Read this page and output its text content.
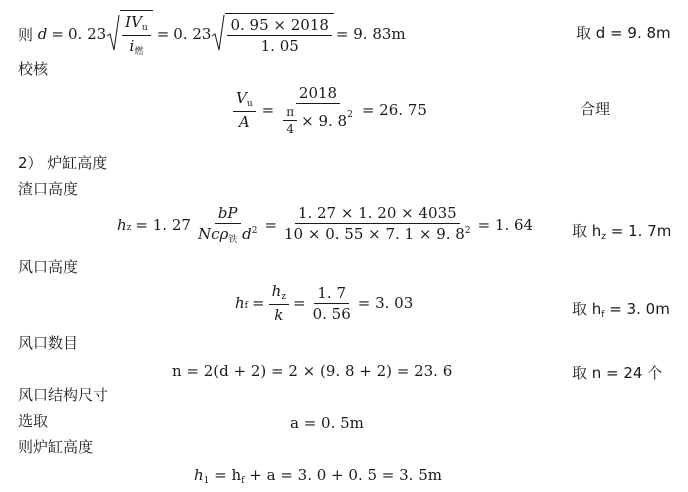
则
d = 0. $23 \frac{IV_u}{i_燃} = 0$. $23 \frac{0. 95 \times 2018}{1. 05} = 9$. 83m	取 d = 9. 8m
校核
$\frac{V_u}{A} = \frac{2018}{\frac{\pi}{4} \times 9. 8 2} = 26$. 75	合理
2） 炉缸高度
渣口高度
h z = 1. $27 \frac{bP}{Nc\rho_铁 d^2} = \frac{1. 27 \times 1. 20 \times 4035}{10 \times 0. 55 \times 7. 1 \times 9. 8^2} = 1$. 64	取 $h_z = 1$. 7m
风口高度
h $f = \frac{h_z}{k} = \frac{1. 7}{0. 56} = 3$. 03	取 $h_f = 3$. 0m
风口数目
n = 2(d + 2) = 2 × (9. 8 + 2) = 23. 6	取 n = 24 个
风口结构尺寸
选取	a = 0. 5m
则炉缸高度
$h_1 = h_f + a = 3$. 0 + 0. 5 = 3. 5m
